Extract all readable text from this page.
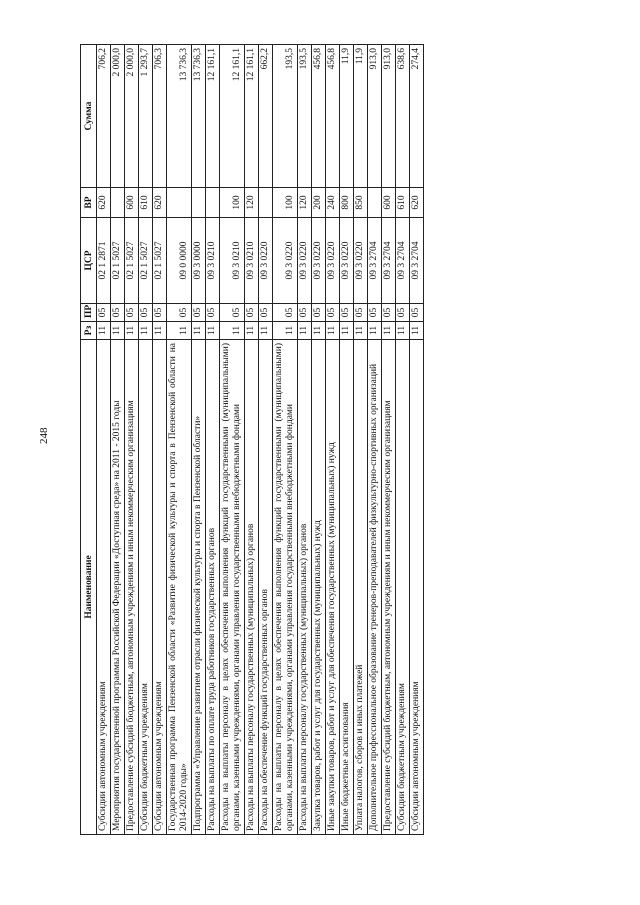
248
Наименование	Рз	ПР	ЦСР	ВР	Сумма
Субсидии автономным учреждениям	11	05	02 1 2871	620	706,2
Мероприятия государственной программы Российской Федерации «Доступная среда» на 2011 - 2015 годы	11	05	02 1 5027		2 000,0
Предоставление субсидий бюджетным, автономным учреждениям и иным некоммерческим организациям	11	05	02 1 5027	600	2 000,0
Субсидии бюджетным учреждениям	11	05	02 1 5027	610	1 293,7
Субсидии автономным учреждениям	11	05	02 1 5027	620	706,3
Государственная программа Пензенской области «Развитие физической культуры и спорта в Пензенской области на 2014-2020 годы»	11	05	09 0 0000		13 736,3
Подпрограмма «Управление развитием отрасли физической культуры и спорта в Пензенской области»	11	05	09 3 0000		13 736,3
Расходы на выплаты по оплате труда работников государственных органов	11	05	09 3 0210		12 161,1
Расходы на выплаты персоналу в целях обеспечения выполнения функций государственными (муниципальными) органами, казенными учреждениями, органами управления государственными внебюджетными фондами	11	05	09 3 0210	100	12 161,1
Расходы на выплаты персоналу государственных (муниципальных) органов	11	05	09 3 0210	120	12 161,1
Расходы на обеспечение функций государственных органов	11	05	09 3 0220		662,2
Расходы на выплаты персоналу в целях обеспечения выполнения функций государственными (муниципальными) органами, казенными учреждениями, органами управления государственными внебюджетными фондами	11	05	09 3 0220	100	193,5
Расходы на выплаты персоналу государственных (муниципальных) органов	11	05	09 3 0220	120	193,5
Закупка товаров, работ и услуг для государственных (муниципальных) нужд	11	05	09 3 0220	200	456,8
Иные закупки товаров, работ и услуг для обеспечения государственных (муниципальных) нужд	11	05	09 3 0220	240	456,8
Иные бюджетные ассигнования	11	05	09 3 0220	800	11,9
Уплата налогов, сборов и иных платежей	11	05	09 3 0220	850	11,9
Дополнительное профессиональное образование тренеров-преподавателей физкультурно-спортивных организаций	11	05	09 3 2704		913,0
Предоставление субсидий бюджетным, автономным учреждениям и иным некоммерческим организациям	11	05	09 3 2704	600	913,0
Субсидии бюджетным учреждениям	11	05	09 3 2704	610	638,6
Субсидии автономным учреждениям	11	05	09 3 2704	620	274,4
